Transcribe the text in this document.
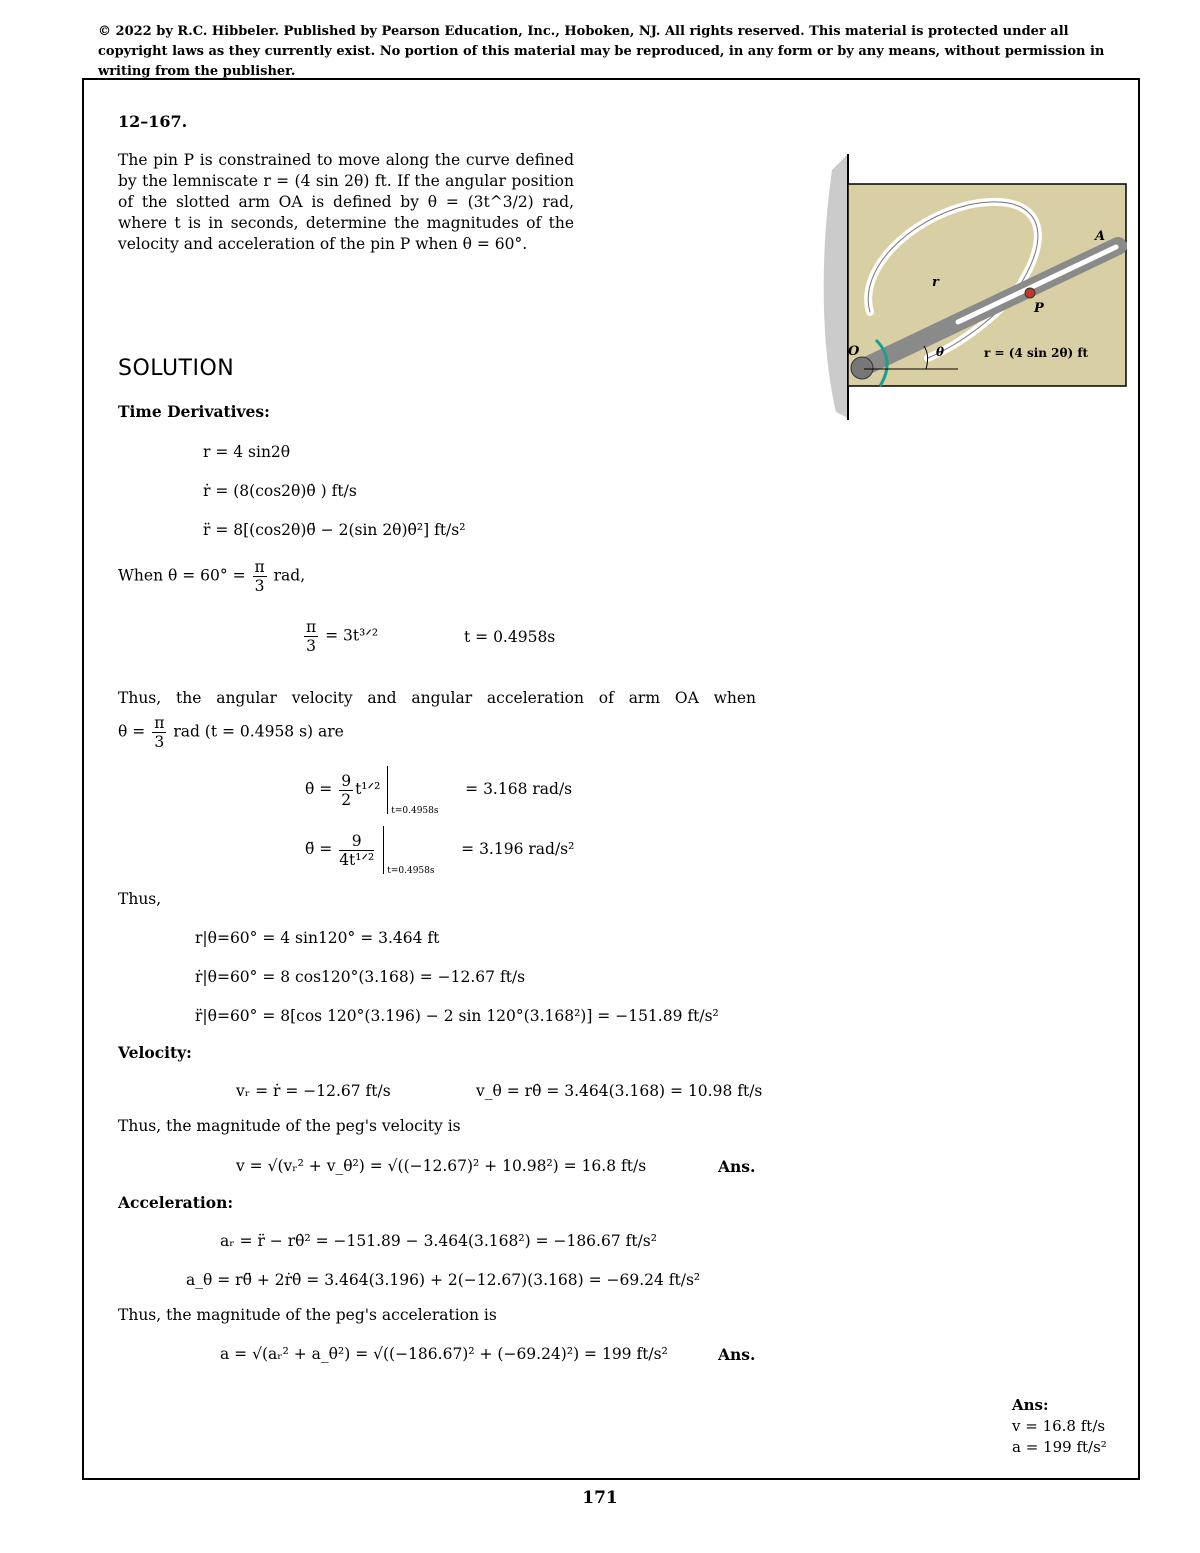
© 2022 by R.C. Hibbeler. Published by Pearson Education, Inc., Hoboken, NJ. All rights reserved. This material is protected under all copyright laws as they currently exist. No portion of this material may be reproduced, in any form or by any means, without permission in writing from the publisher.
12–167.
The pin P is constrained to move along the curve defined by the lemniscate r = (4 sin 2θ) ft. If the angular position of the slotted arm OA is defined by θ = (3t^3/2) rad, where t is in seconds, determine the magnitudes of the velocity and acceleration of the pin P when θ = 60°.
O
A
P
r
θ	r = (4 sin 2θ) ft
SOLUTION
Time Derivatives:
r = 4 sin2θ
ṙ = (8(cos2θ)θ̇ ) ft/s
r̈ = 8[(cos2θ)θ̈ − 2(sin 2θ)θ̇²] ft/s²
When $\theta = 60^\circ = \frac{\pi}{3}$ rad,
$\frac{\pi}{3}$ = 3t³ᐟ²	t = 0.4958s
Thus, the angular velocity and angular acceleration of arm OA when
$\theta = \frac{\pi}{3}$ rad (t = 0.4958 s) are
θ̇ = $\frac{9}{2}$ t¹ᐟ²
t=0.4958s
= 3.168 rad/s
θ̈ = $\frac{9}{\text{4t¹ᐟ²}}$

t=0.4958s
= 3.196 rad/s²
Thus,
r|θ=60° = 4 sin120° = 3.464 ft
ṙ|θ=60° = 8 cos120°(3.168) = −12.67 ft/s
r̈|θ=60° = 8[cos 120°(3.196) − 2 sin 120°(3.168²)] = −151.89 ft/s²
Velocity:
vᵣ = ṙ = −12.67 ft/s	v_θ = rθ̇ = 3.464(3.168) = 10.98 ft/s
Thus, the magnitude of the peg's velocity is
v = √(vᵣ² + v_θ²) = √((−12.67)² + 10.98²) = 16.8 ft/s	Ans.
Acceleration:
aᵣ = r̈ − rθ̇² = −151.89 − 3.464(3.168²) = −186.67 ft/s²
a_θ = rθ̈ + 2ṙθ̇ = 3.464(3.196) + 2(−12.67)(3.168) = −69.24 ft/s²
Thus, the magnitude of the peg's acceleration is
a = √(aᵣ² + a_θ²) = √((−186.67)² + (−69.24)²) = 199 ft/s²	Ans.
Ans:
v = 16.8 ft/s
a = 199 ft/s²
171
